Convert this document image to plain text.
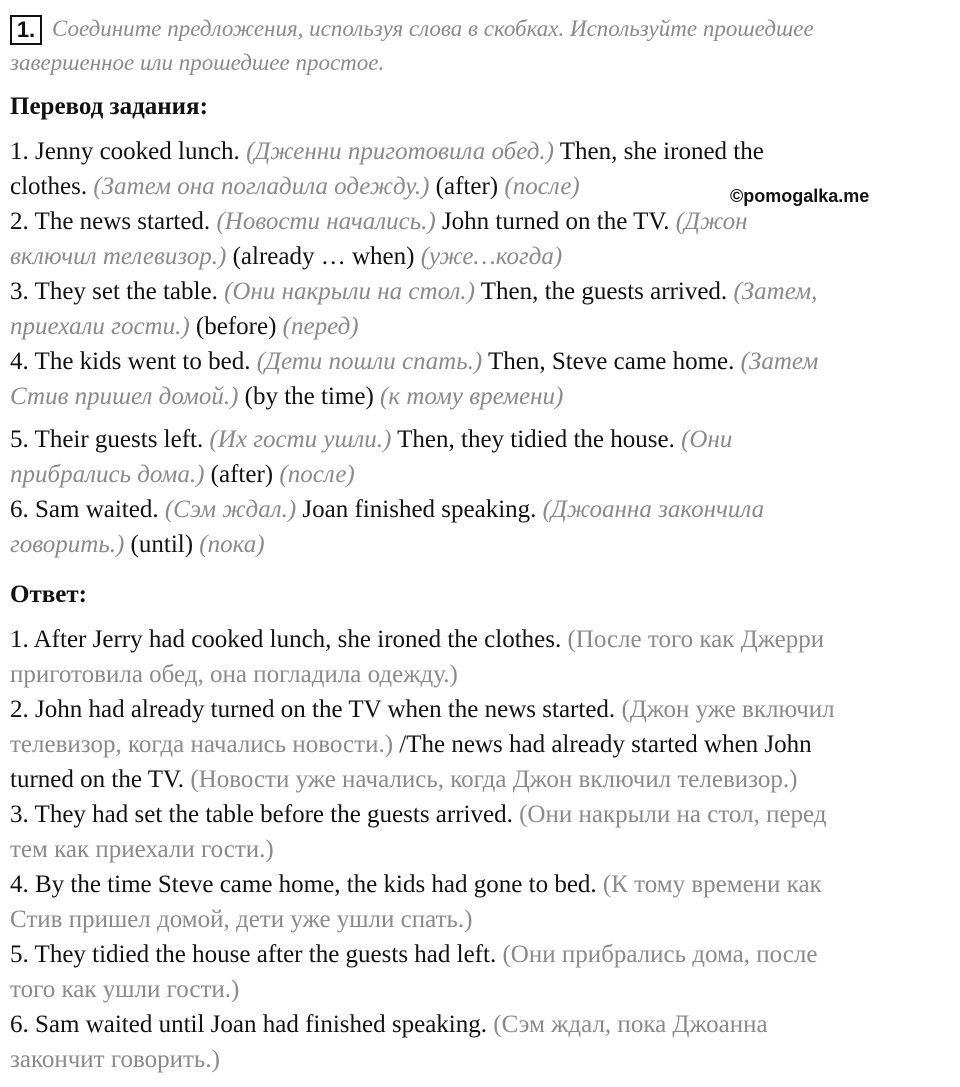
1. Соедините предложения, используя слова в скобках. Используйте прошедшее
завершенное или прошедшее простое.
Перевод задания:
1. Jenny cooked lunch. (Дженни приготовила обед.) Then, she ironed the
clothes. (Затем она погладила одежду.) (after) (после)
2. The news started. (Новости начались.) John turned on the TV. (Джон
включил телевизор.) (already … when) (уже…когда)
3. They set the table. (Они накрыли на стол.) Then, the guests arrived. (Затем,
приехали гости.) (before) (перед)
4. The kids went to bed. (Дети пошли спать.) Then, Steve came home. (Затем
Стив пришел домой.) (by the time) (к тому времени)
5. Their guests left. (Их гости ушли.) Then, they tidied the house. (Они
прибрались дома.) (after) (после)
6. Sam waited. (Сэм ждал.) Joan finished speaking. (Джоанна закончила
говорить.) (until) (пока)
Ответ:
1. After Jerry had cooked lunch, she ironed the clothes. (После того как Джерри
приготовила обед, она погладила одежду.)
2. John had already turned on the TV when the news started. (Джон уже включил
телевизор, когда начались новости.) /The news had already started when John
turned on the TV. (Новости уже начались, когда Джон включил телевизор.)
3. They had set the table before the guests arrived. (Они накрыли на стол, перед
тем как приехали гости.)
4. By the time Steve came home, the kids had gone to bed. (К тому времени как
Стив пришел домой, дети уже ушли спать.)
5. They tidied the house after the guests had left. (Они прибрались дома, после
того как ушли гости.)
6. Sam waited until Joan had finished speaking. (Сэм ждал, пока Джоанна
закончит говорить.)
©pomogalka.me
